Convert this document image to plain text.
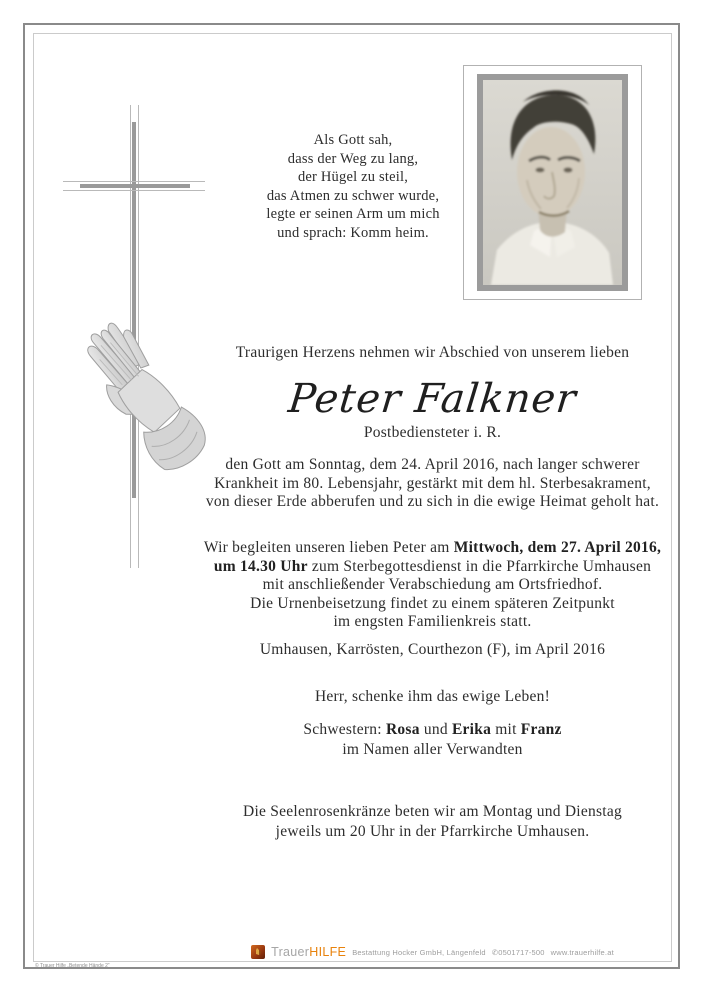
Als Gott sah,
dass der Weg zu lang,
der Hügel zu steil,
das Atmen zu schwer wurde,
legte er seinen Arm um mich
und sprach: Komm heim.
Traurigen Herzens nehmen wir Abschied von unserem lieben
Peter Falkner
Postbediensteter i. R.
den Gott am Sonntag, dem 24. April 2016, nach langer schwerer
Krankheit im 80. Lebensjahr, gestärkt mit dem hl. Sterbesakrament,
von dieser Erde abberufen und zu sich in die ewige Heimat geholt hat.
Wir begleiten unseren lieben Peter am Mittwoch, dem 27. April 2016,
um 14.30 Uhr zum Sterbegottesdienst in die Pfarrkirche Umhausen
mit anschließender Verabschiedung am Ortsfriedhof.
Die Urnenbeisetzung findet zu einem späteren Zeitpunkt
im engsten Familienkreis statt.
Umhausen, Karrösten, Courthezon (F), im April 2016
Herr, schenke ihm das ewige Leben!
Schwestern: Rosa und Erika mit Franz
im Namen aller Verwandten
Die Seelenrosenkränze beten wir am Montag und Dienstag
jeweils um 20 Uhr in der Pfarrkirche Umhausen.
TrauerHILFE Bestattung Hocker GmbH, Längenfeld ✆0501717-500 www.trauerhilfe.at
© Trauer Hilfe „Betende Hände 2“
